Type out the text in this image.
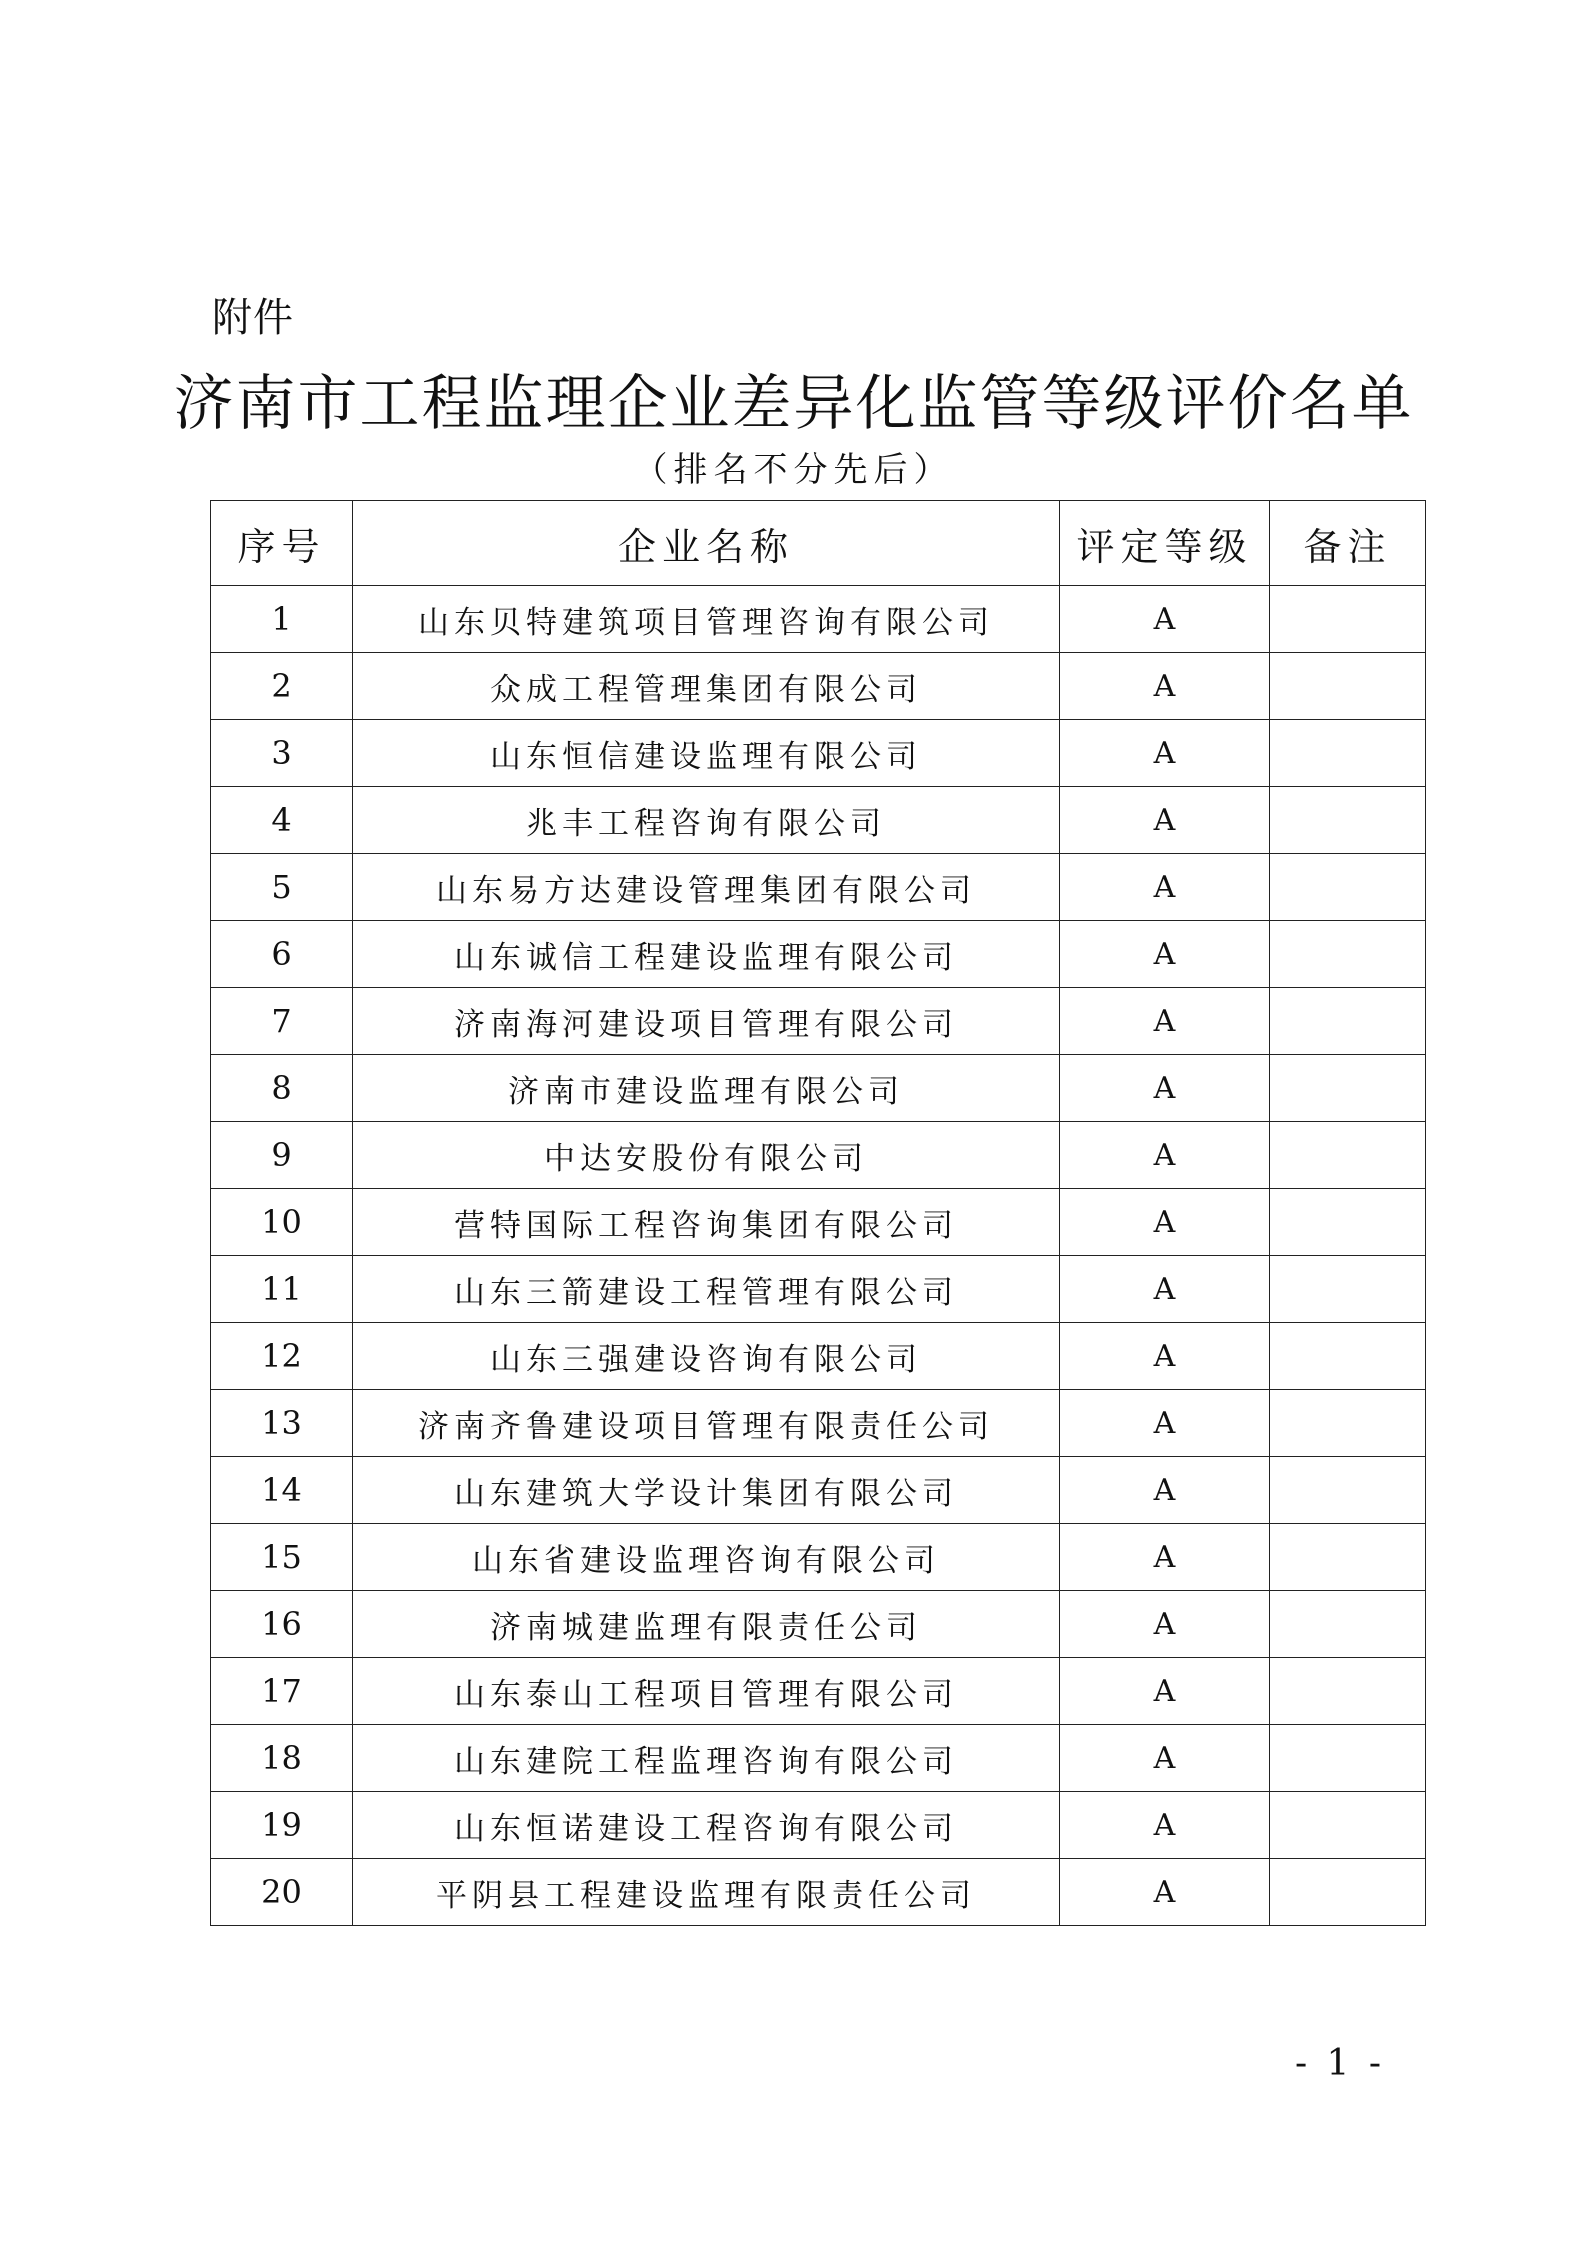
附件
济南市工程监理企业差异化监管等级评价名单
（排名不分先后）
序号	企业名称	评定等级	备注
1	山东贝特建筑项目管理咨询有限公司	A	
2	众成工程管理集团有限公司	A	
3	山东恒信建设监理有限公司	A	
4	兆丰工程咨询有限公司	A	
5	山东易方达建设管理集团有限公司	A	
6	山东诚信工程建设监理有限公司	A	
7	济南海河建设项目管理有限公司	A	
8	济南市建设监理有限公司	A	
9	中达安股份有限公司	A	
10	营特国际工程咨询集团有限公司	A	
11	山东三箭建设工程管理有限公司	A	
12	山东三强建设咨询有限公司	A	
13	济南齐鲁建设项目管理有限责任公司	A	
14	山东建筑大学设计集团有限公司	A	
15	山东省建设监理咨询有限公司	A	
16	济南城建监理有限责任公司	A	
17	山东泰山工程项目管理有限公司	A	
18	山东建院工程监理咨询有限公司	A	
19	山东恒诺建设工程咨询有限公司	A	
20	平阴县工程建设监理有限责任公司	A	
- 1 -
